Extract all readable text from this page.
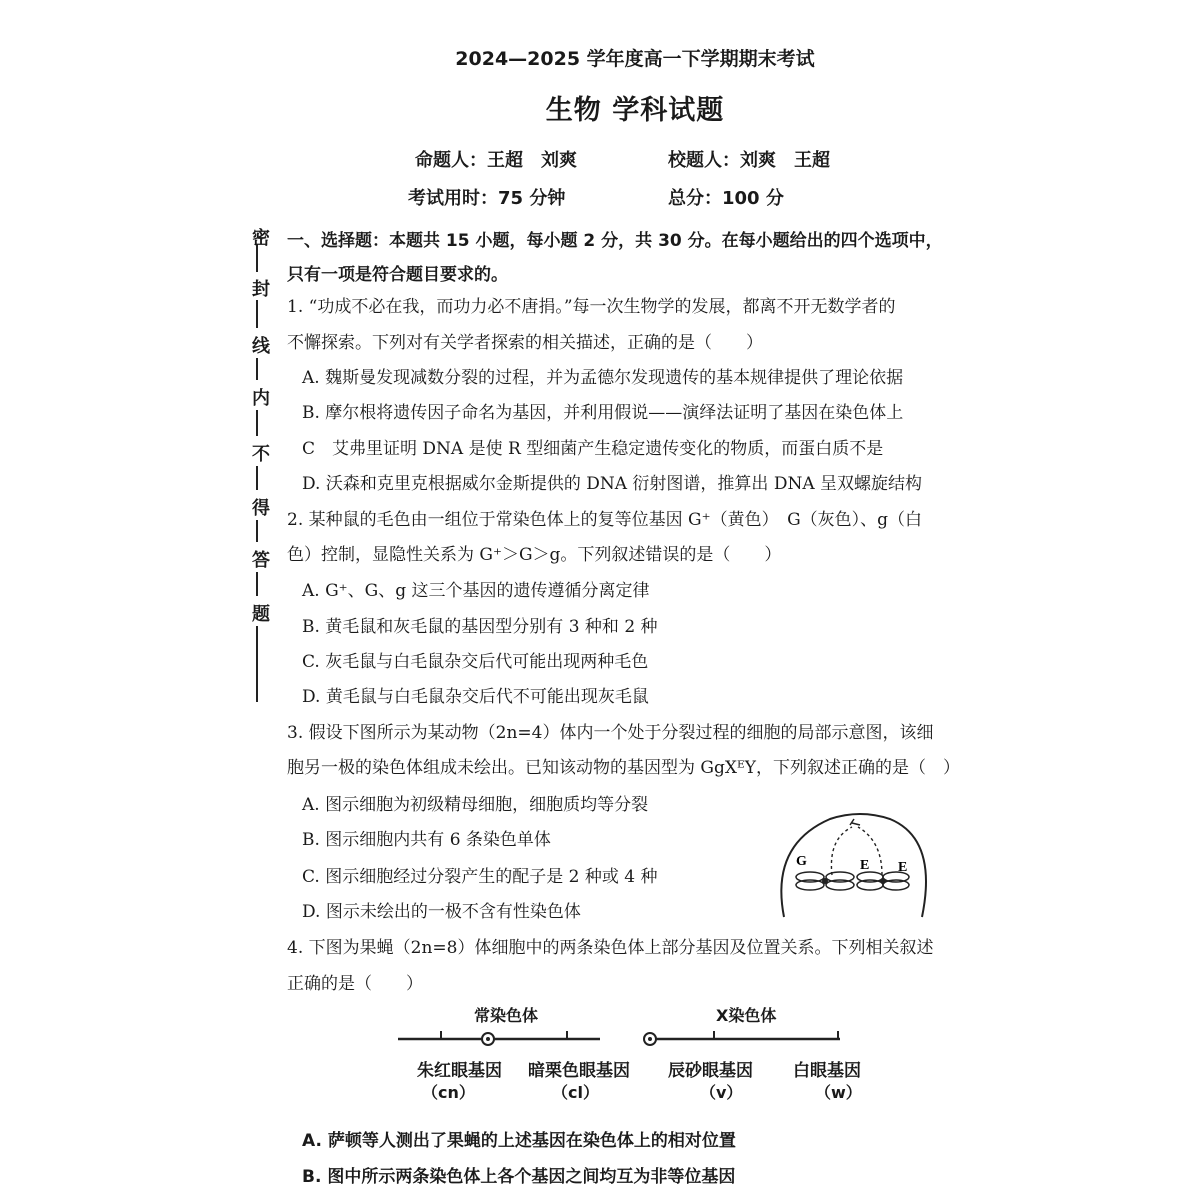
2024—2025 学年度高一下学期期末考试
生物 学科试题
命题人：王超　刘爽	校题人：刘爽　王超
考试用时：75 分钟	总分：100 分
密
封
线
内
不
得
答
题
一、选择题：本题共 15 小题，每小题 2 分，共 30 分。在每小题给出的四个选项中，
只有一项是符合题目要求的。
1. “功成不必在我，而功力必不唐捐。”每一次生物学的发展，都离不开无数学者的
不懈探索。下列对有关学者探索的相关描述，正确的是（　　）
A. 魏斯曼发现减数分裂的过程，并为孟德尔发现遗传的基本规律提供了理论依据
B. 摩尔根将遗传因子命名为基因，并利用假说——演绎法证明了基因在染色体上
C　艾弗里证明 DNA 是使 R 型细菌产生稳定遗传变化的物质，而蛋白质不是
D. 沃森和克里克根据威尔金斯提供的 DNA 衍射图谱，推算出 DNA 呈双螺旋结构
2. 某种鼠的毛色由一组位于常染色体上的复等位基因 G⁺（黄色）　G（灰色）、g（白
色）控制，显隐性关系为 G⁺＞G＞g。下列叙述错误的是（　　）
A. G⁺、G、g 这三个基因的遗传遵循分离定律
B. 黄毛鼠和灰毛鼠的基因型分别有 3 种和 2 种
C. 灰毛鼠与白毛鼠杂交后代可能出现两种毛色
D. 黄毛鼠与白毛鼠杂交后代不可能出现灰毛鼠
3. 假设下图所示为某动物（2n=4）体内一个处于分裂过程的细胞的局部示意图，该细
胞另一极的染色体组成未绘出。已知该动物的基因型为 GgXᴱY，下列叙述正确的是（　）
A. 图示细胞为初级精母细胞，细胞质均等分裂
B. 图示细胞内共有 6 条染色单体
C. 图示细胞经过分裂产生的配子是 2 种或 4 种
D. 图示未绘出的一极不含有性染色体
G	E E
4. 下图为果蝇（2n=8）体细胞中的两条染色体上部分基因及位置关系。下列相关叙述
正确的是（　　）
常染色体	X染色体
朱红眼基因
（cn）
暗栗色眼基因
（cl）
辰砂眼基因
（v）
白眼基因
（w）
A. 萨顿等人测出了果蝇的上述基因在染色体上的相对位置
B. 图中所示两条染色体上各个基因之间均互为非等位基因
